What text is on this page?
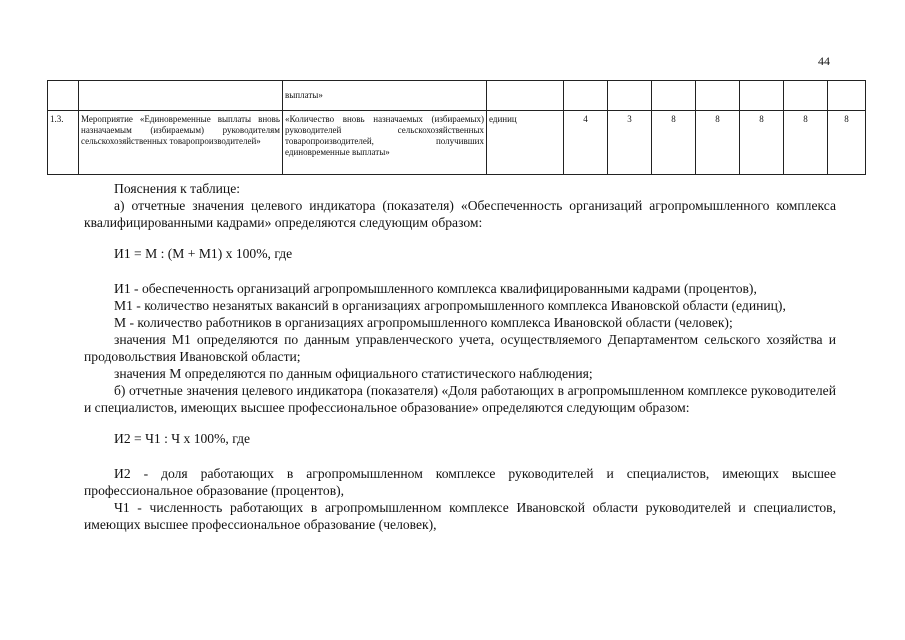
44
		выплаты»								
1.3.	Мероприятие «Единовременные выплаты вновь назначаемым (избираемым) руководителям сельскохозяйственных товаропроизводителей»	«Количество вновь назначаемых (избираемых) руководителей сельскохозяйственных товаропроизводителей, получивших единовременные выплаты»	единиц	4	3	8	8	8	8	8

Пояснения к таблице:

а) отчетные значения целевого индикатора (показателя) «Обеспеченность организаций агропромышленного комплекса квалифицированными кадрами» определяются следующим образом:

И1 = М : (М + М1) x 100%, где

И1 - обеспеченность организаций агропромышленного комплекса квалифицированными кадрами (процентов),

М1 - количество незанятых вакансий в организациях агропромышленного комплекса Ивановской области (единиц),

М - количество работников в организациях агропромышленного комплекса Ивановской области (человек);

значения М1 определяются по данным управленческого учета, осуществляемого Департаментом сельского хозяйства и продовольствия Ивановской области;

значения М определяются по данным официального статистического наблюдения;

б) отчетные значения целевого индикатора (показателя) «Доля работающих в агропромышленном комплексе руководителей и специалистов, имеющих высшее профессиональное образование» определяются следующим образом:

И2 = Ч1 : Ч x 100%, где

И2 - доля работающих в агропромышленном комплексе руководителей и специалистов, имеющих высшее профессиональное образование (процентов),

Ч1 - численность работающих в агропромышленном комплексе Ивановской области руководителей и специалистов, имеющих высшее профессиональное образование (человек),
